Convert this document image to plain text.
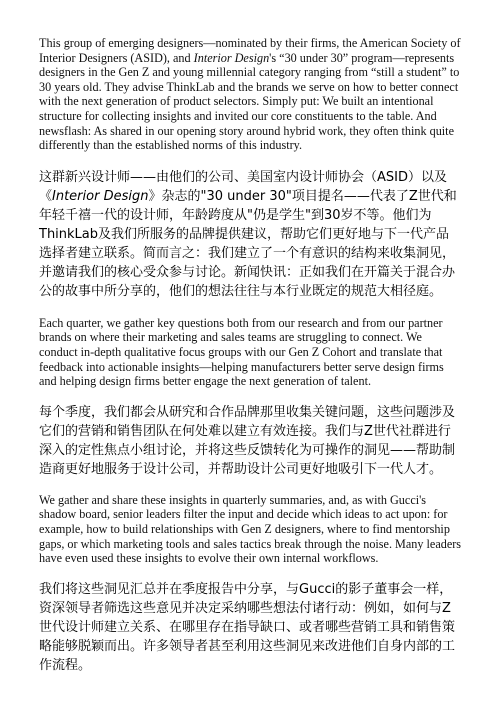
This group of emerging designers—nominated by their firms, the American Society of Interior Designers (ASID), and Interior Design's “30 under 30” program—represents designers in the Gen Z and young millennial category ranging from “still a student” to 30 years old. They advise ThinkLab and the brands we serve on how to better connect with the next generation of product selectors. Simply put: We built an intentional structure for collecting insights and invited our core constituents to the table. And newsflash: As shared in our opening story around hybrid work, they often think quite differently than the established norms of this industry.

这群新兴设计师——由他们的公司、美国室内设计师协会（ASID）以及《Interior Design》杂志的"30 under 30"项目提名——代表了Z世代和年轻千禧一代的设计师，年龄跨度从"仍是学生"到30岁不等。他们为ThinkLab及我们所服务的品牌提供建议，帮助它们更好地与下一代产品选择者建立联系。简而言之：我们建立了一个有意识的结构来收集洞见，并邀请我们的核心受众参与讨论。新闻快讯：正如我们在开篇关于混合办公的故事中所分享的，他们的想法往往与本行业既定的规范大相径庭。

Each quarter, we gather key questions both from our research and from our partner brands on where their marketing and sales teams are struggling to connect. We conduct in-depth qualitative focus groups with our Gen Z Cohort and translate that feedback into actionable insights—helping manufacturers better serve design firms and helping design firms better engage the next generation of talent.

每个季度，我们都会从研究和合作品牌那里收集关键问题，这些问题涉及它们的营销和销售团队在何处难以建立有效连接。我们与Z世代社群进行深入的定性焦点小组讨论，并将这些反馈转化为可操作的洞见——帮助制造商更好地服务于设计公司，并帮助设计公司更好地吸引下一代人才。

We gather and share these insights in quarterly summaries, and, as with Gucci's shadow board, senior leaders filter the input and decide which ideas to act upon: for example, how to build relationships with Gen Z designers, where to find mentorship gaps, or which marketing tools and sales tactics break through the noise. Many leaders have even used these insights to evolve their own internal workflows.

我们将这些洞见汇总并在季度报告中分享，与Gucci的影子董事会一样，资深领导者筛选这些意见并决定采纳哪些想法付诸行动：例如，如何与Z世代设计师建立关系、在哪里存在指导缺口、或者哪些营销工具和销售策略能够脱颖而出。许多领导者甚至利用这些洞见来改进他们自身内部的工作流程。
